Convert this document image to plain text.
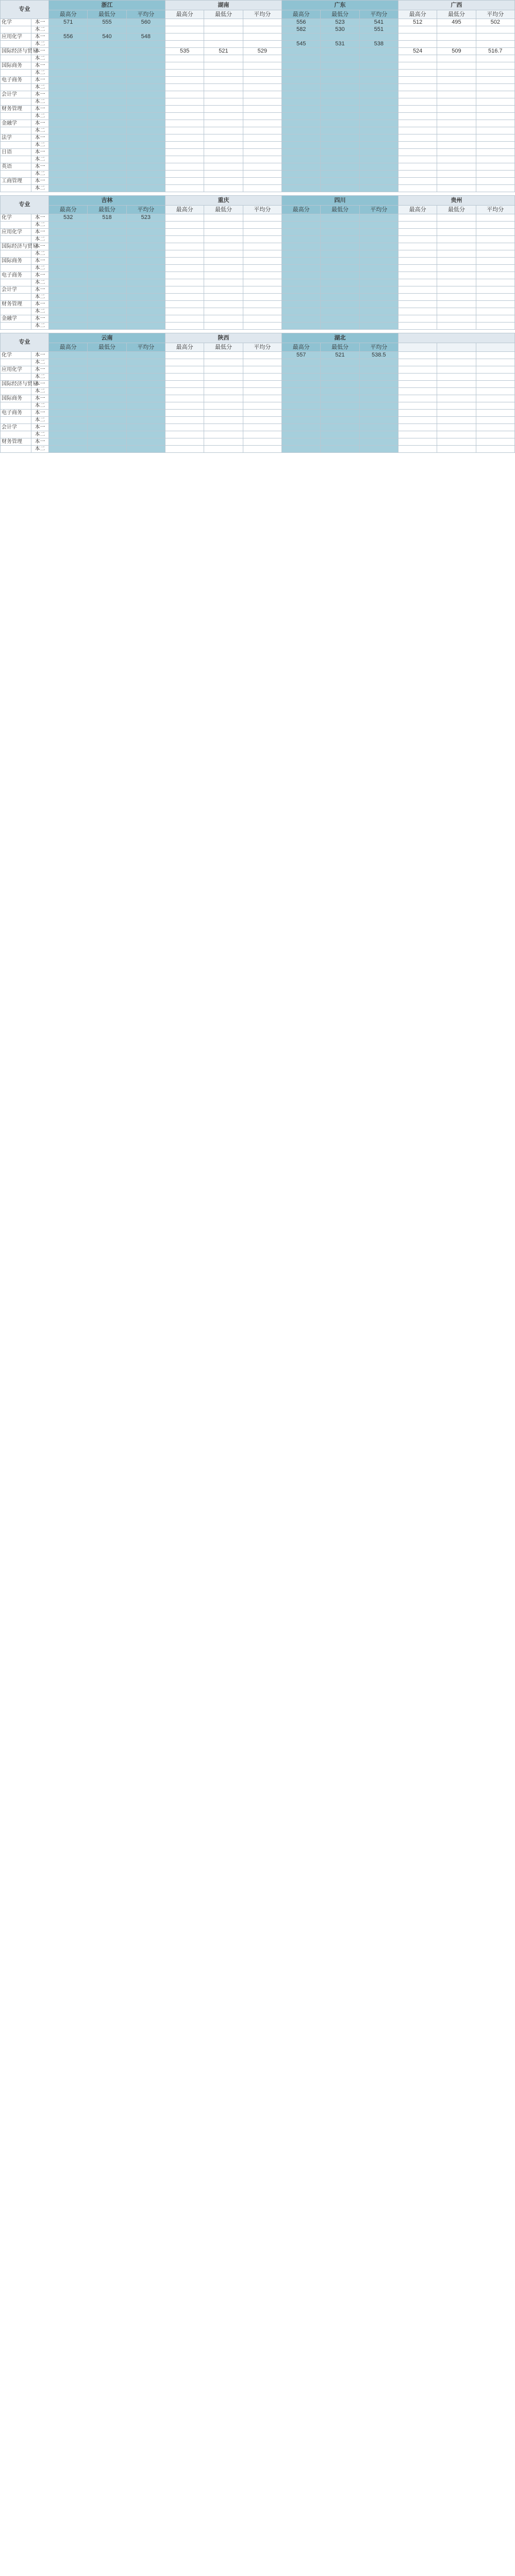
专业		浙江			湖南			广东			广西		
		最高分	最低分	平均分	最高分	最低分	平均分	最高分	最低分	平均分	最高分	最低分	平均分
化学	本一	571	555	560				556	523	541	512	495	502
	本二							582	530	551			
应用化学	本一	556	540	548									
	本二							545	531	538			
国际经济与贸易	本一				535	521	529				524	509	516.7
	本二												
国际商务	本一												
	本二												
电子商务	本一												
	本二												
会计学	本一												
	本二												
财务管理	本一												
	本二												
金融学	本一												
	本二												
法学	本一												
	本二												
日语	本一												
	本二												
英语	本一												
	本二												
工商管理	本一												
	本二												
专业		吉林			重庆			四川			贵州		
		最高分	最低分	平均分	最高分	最低分	平均分	最高分	最低分	平均分	最高分	最低分	平均分
化学	本一	532	518	523									
	本二												
应用化学	本一												
	本二												
国际经济与贸易	本一												
	本二												
国际商务	本一												
	本二												
电子商务	本一												
	本二												
会计学	本一												
	本二												
财务管理	本一												
	本二												
金融学	本一												
	本二												
专业		云南			陕西			湖北					
		最高分	最低分	平均分	最高分	最低分	平均分	最高分	最低分	平均分			
化学	本一							557	521	538.5			
	本二												
应用化学	本一												
	本二												
国际经济与贸易	本一												
	本二												
国际商务	本一												
	本二												
电子商务	本一												
	本二												
会计学	本一												
	本二												
财务管理	本一												
	本二												
